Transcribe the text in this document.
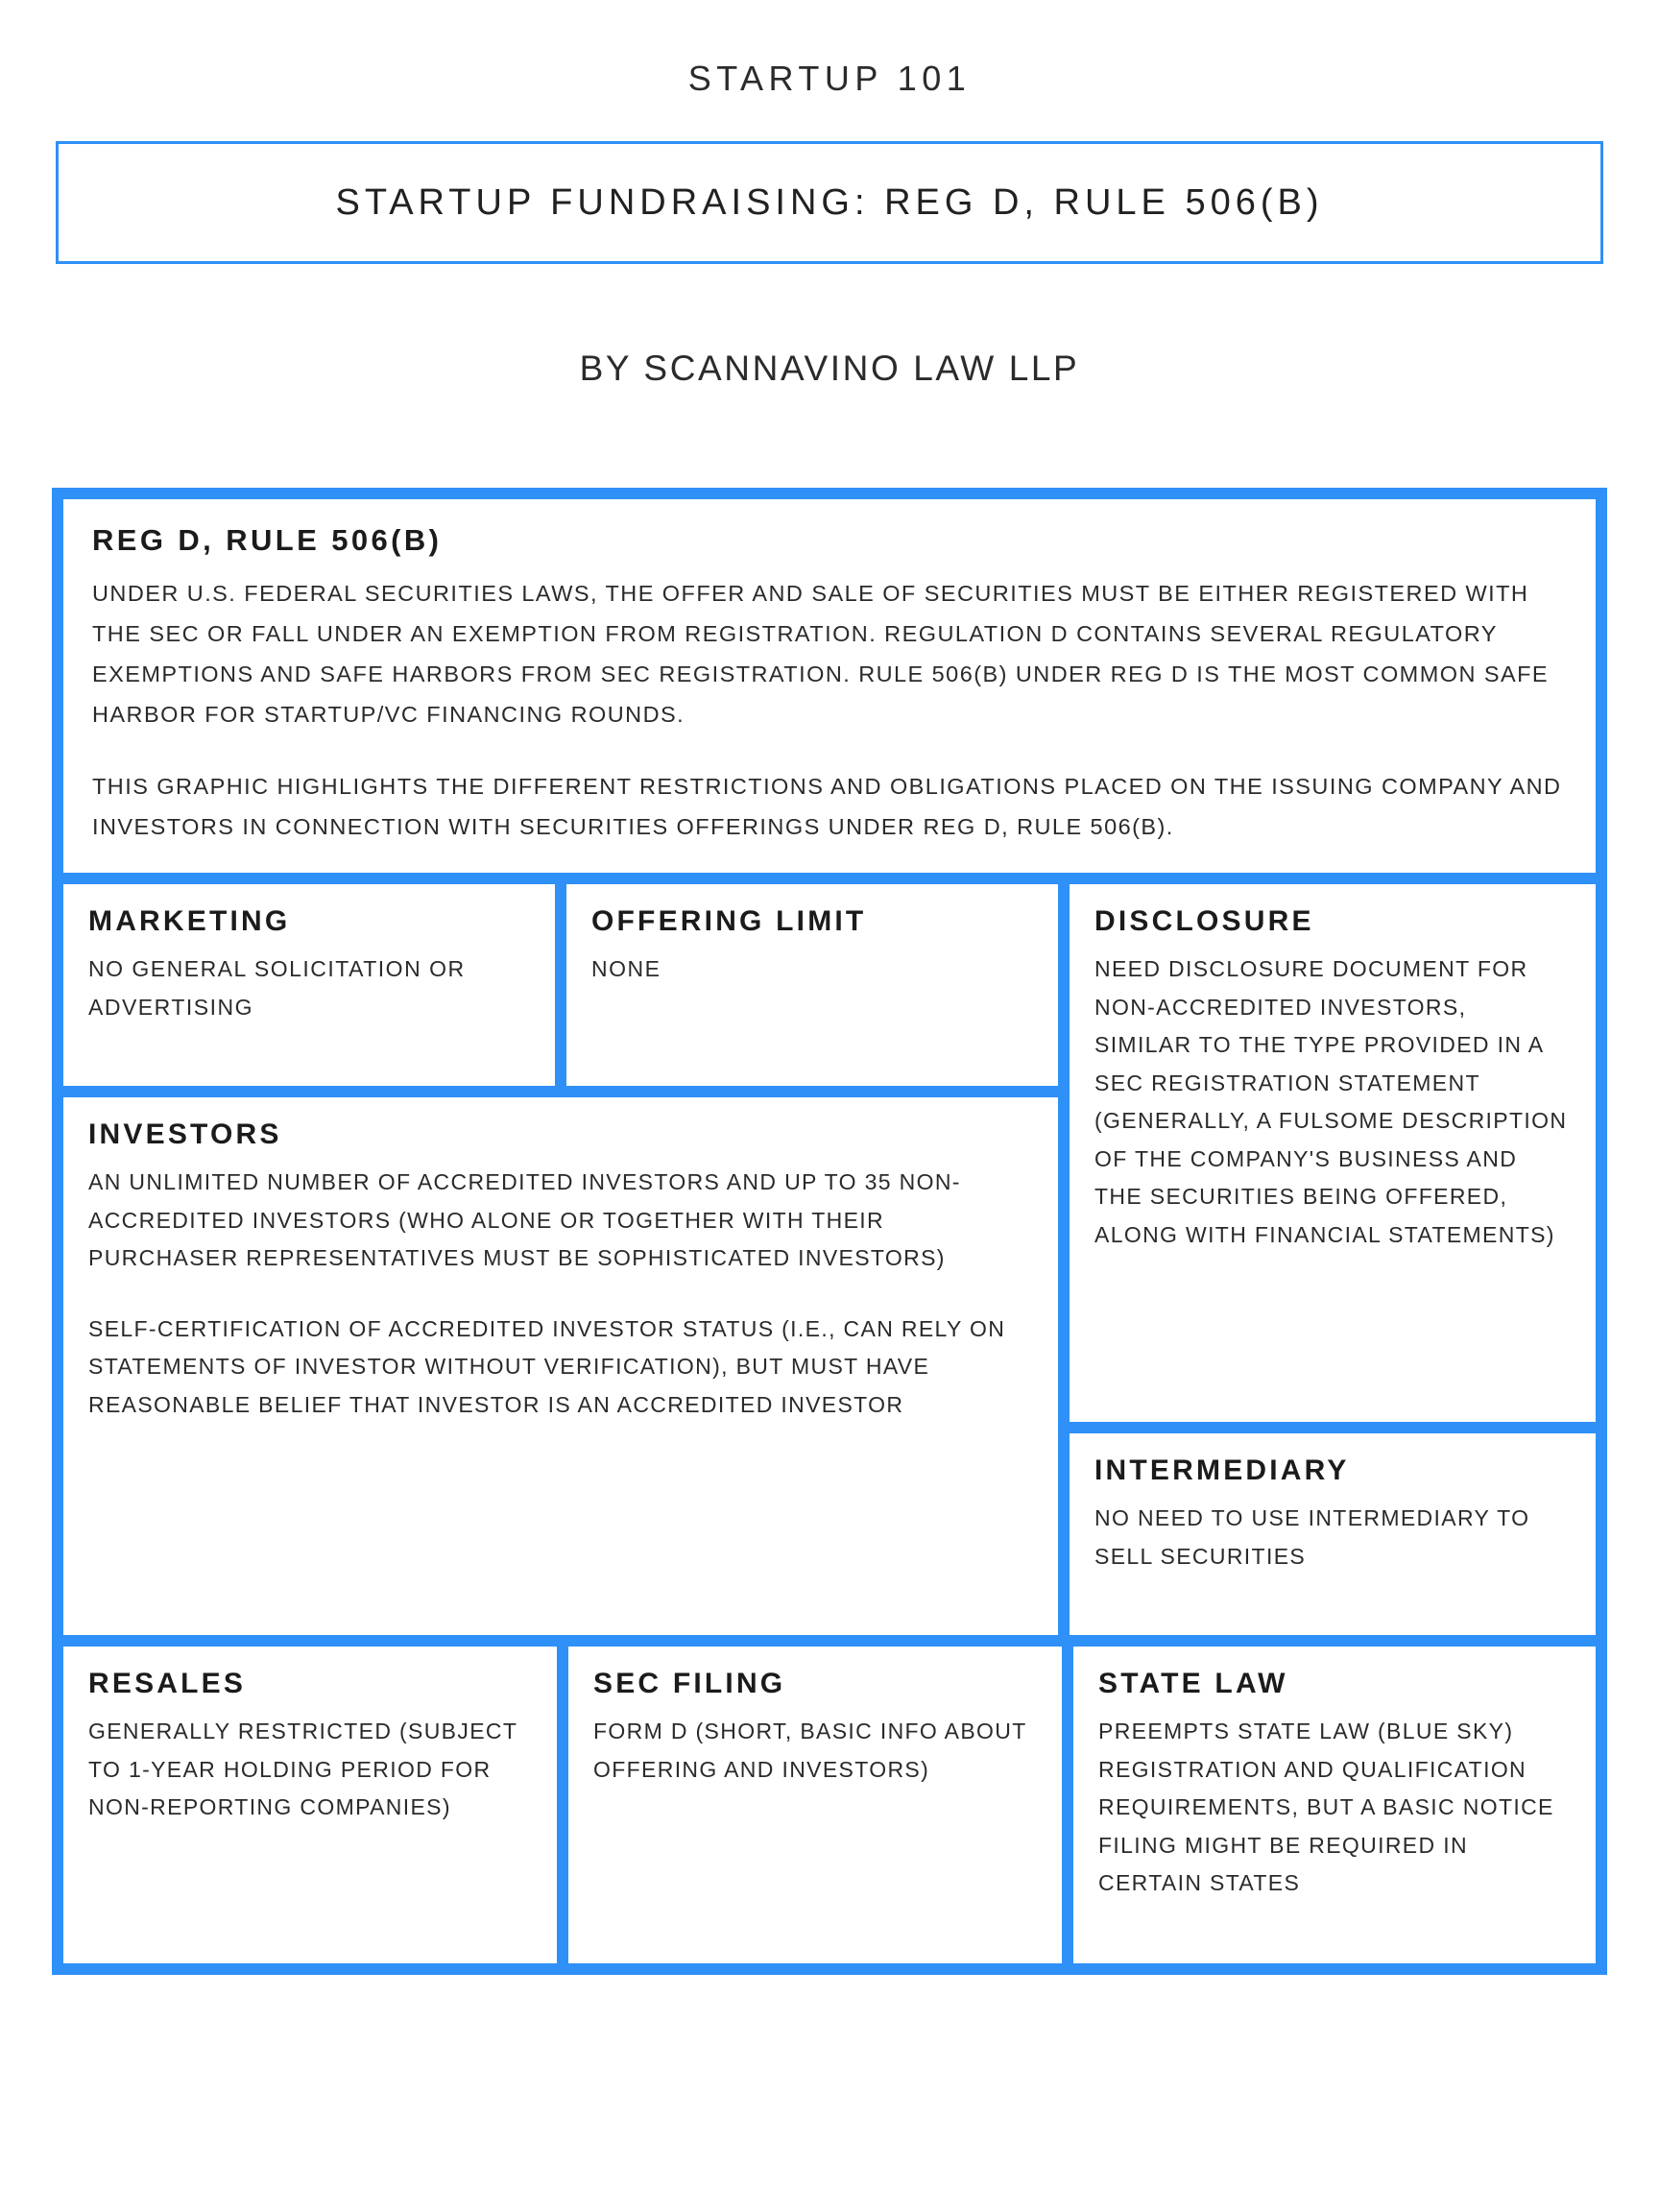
STARTUP 101
STARTUP FUNDRAISING: REG D, RULE 506(B)
BY SCANNAVINO LAW LLP
REG D, RULE 506(B)

UNDER U.S. FEDERAL SECURITIES LAWS, THE OFFER AND SALE OF SECURITIES MUST BE EITHER REGISTERED WITH THE SEC OR FALL UNDER AN EXEMPTION FROM REGISTRATION. REGULATION D CONTAINS SEVERAL REGULATORY EXEMPTIONS AND SAFE HARBORS FROM SEC REGISTRATION. RULE 506(B) UNDER REG D IS THE MOST COMMON SAFE HARBOR FOR STARTUP/VC FINANCING ROUNDS.

THIS GRAPHIC HIGHLIGHTS THE DIFFERENT RESTRICTIONS AND OBLIGATIONS PLACED ON THE ISSUING COMPANY AND INVESTORS IN CONNECTION WITH SECURITIES OFFERINGS UNDER REG D, RULE 506(B).

MARKETING

NO GENERAL SOLICITATION OR ADVERTISING

OFFERING LIMIT

NONE

INVESTORS

AN UNLIMITED NUMBER OF ACCREDITED INVESTORS AND UP TO 35 NON-ACCREDITED INVESTORS (WHO ALONE OR TOGETHER WITH THEIR PURCHASER REPRESENTATIVES MUST BE SOPHISTICATED INVESTORS)

SELF-CERTIFICATION OF ACCREDITED INVESTOR STATUS (I.E., CAN RELY ON STATEMENTS OF INVESTOR WITHOUT VERIFICATION), BUT MUST HAVE REASONABLE BELIEF THAT INVESTOR IS AN ACCREDITED INVESTOR

DISCLOSURE

NEED DISCLOSURE DOCUMENT FOR NON-ACCREDITED INVESTORS, SIMILAR TO THE TYPE PROVIDED IN A SEC REGISTRATION STATEMENT (GENERALLY, A FULSOME DESCRIPTION OF THE COMPANY'S BUSINESS AND THE SECURITIES BEING OFFERED, ALONG WITH FINANCIAL STATEMENTS)

INTERMEDIARY

NO NEED TO USE INTERMEDIARY TO SELL SECURITIES

RESALES

GENERALLY RESTRICTED (SUBJECT TO 1-YEAR HOLDING PERIOD FOR NON-REPORTING COMPANIES)

SEC FILING

FORM D (SHORT, BASIC INFO ABOUT OFFERING AND INVESTORS)

STATE LAW

PREEMPTS STATE LAW (BLUE SKY) REGISTRATION AND QUALIFICATION REQUIREMENTS, BUT A BASIC NOTICE FILING MIGHT BE REQUIRED IN CERTAIN STATES
